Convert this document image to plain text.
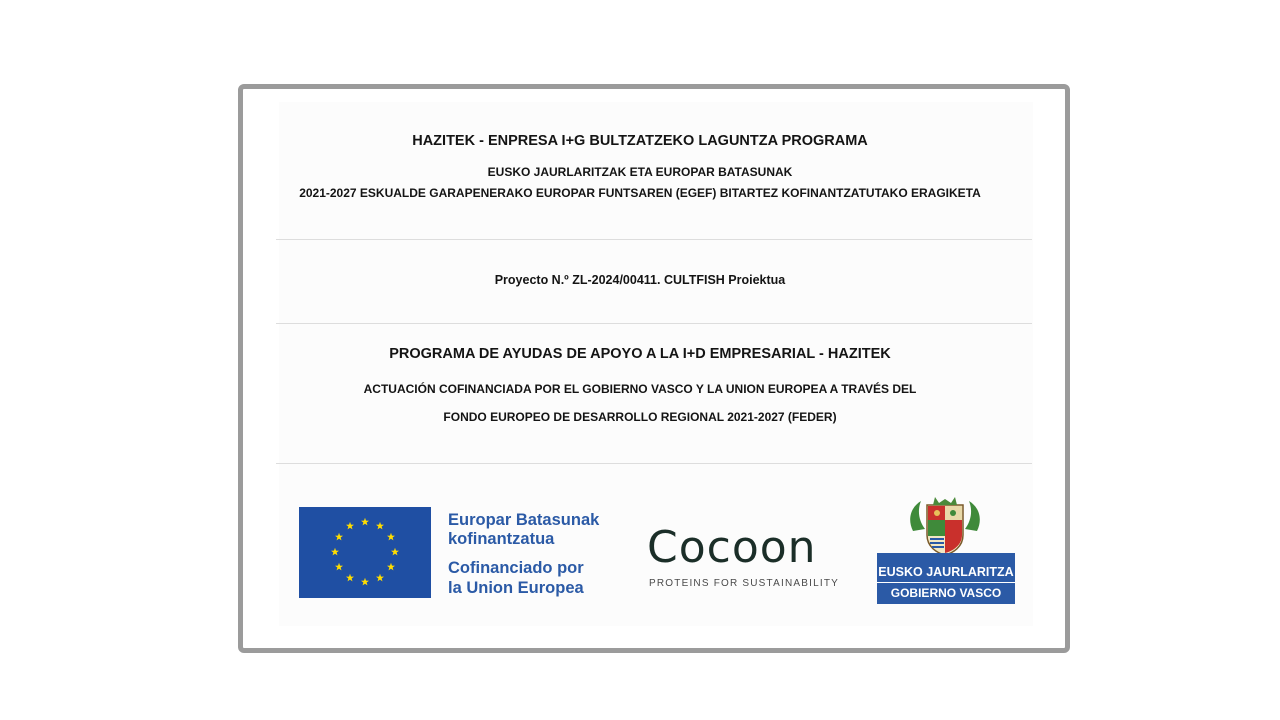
HAZITEK - ENPRESA I+G BULTZATZEKO LAGUNTZA PROGRAMA
EUSKO JAURLARITZAK ETA EUROPAR BATASUNAK
2021-2027 ESKUALDE GARAPENERAKO EUROPAR FUNTSAREN (EGEF) BITARTEZ KOFINANTZATUTAKO ERAGIKETA
Proyecto N.º ZL-2024/00411. CULTFISH Proiektua
PROGRAMA DE AYUDAS DE APOYO A LA I+D EMPRESARIAL - HAZITEK
ACTUACIÓN COFINANCIADA POR EL GOBIERNO VASCO Y LA UNION EUROPEA A TRAVÉS DEL
FONDO EUROPEO DE DESARROLLO REGIONAL 2021-2027 (FEDER)
Europar Batasunak
kofinantzatua
Cofinanciado por
la Union Europea
Cocoon
PROTEINS FOR SUSTAINABILITY
EUSKO JAURLARITZA
GOBIERNO VASCO
